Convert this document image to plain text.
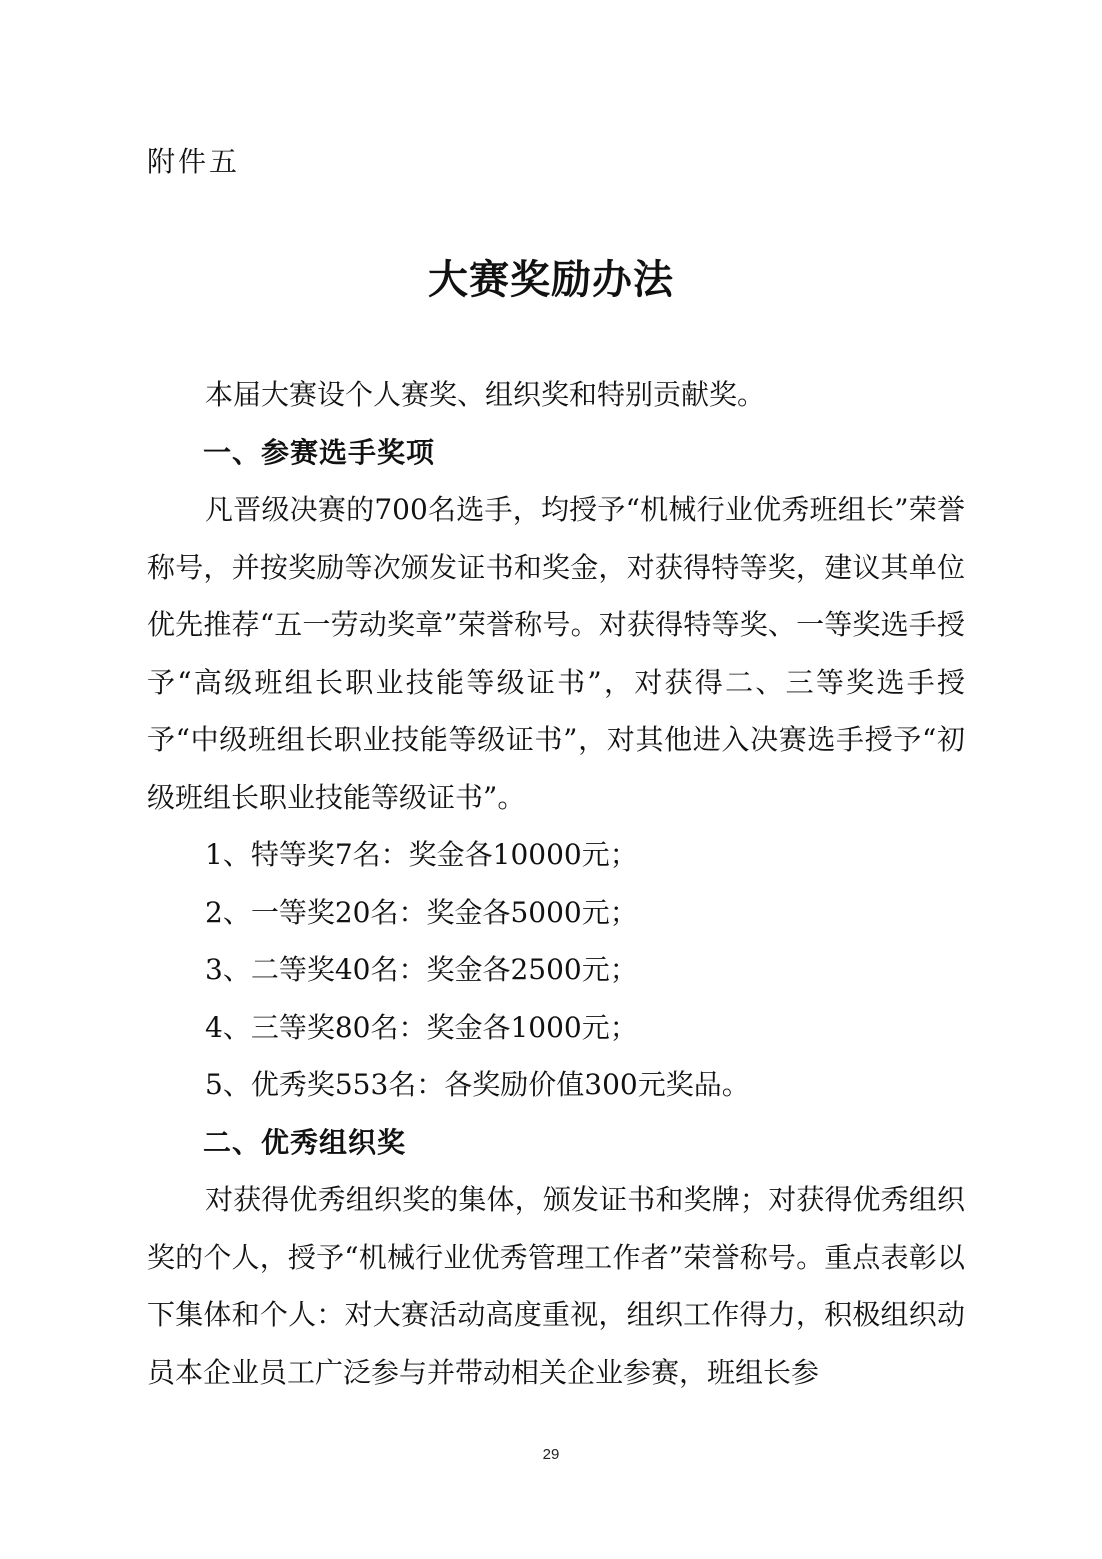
附件五
大赛奖励办法

本届大赛设个人赛奖、组织奖和特别贡献奖。

一、参赛选手奖项

凡晋级决赛的700名选手，均授予“机械行业优秀班组长”荣誉称号，并按奖励等次颁发证书和奖金，对获得特等奖，建议其单位优先推荐“五一劳动奖章”荣誉称号。对获得特等奖、一等奖选手授予“高级班组长职业技能等级证书”，对获得二、三等奖选手授予“中级班组长职业技能等级证书”，对其他进入决赛选手授予“初级班组长职业技能等级证书”。

1、特等奖7名：奖金各10000元；

2、一等奖20名：奖金各5000元；

3、二等奖40名：奖金各2500元；

4、三等奖80名：奖金各1000元；

5、优秀奖553名：各奖励价值300元奖品。

二、优秀组织奖

对获得优秀组织奖的集体，颁发证书和奖牌；对获得优秀组织奖的个人，授予“机械行业优秀管理工作者”荣誉称号。重点表彰以下集体和个人：对大赛活动高度重视，组织工作得力，积极组织动员本企业员工广泛参与并带动相关企业参赛，班组长参

29
